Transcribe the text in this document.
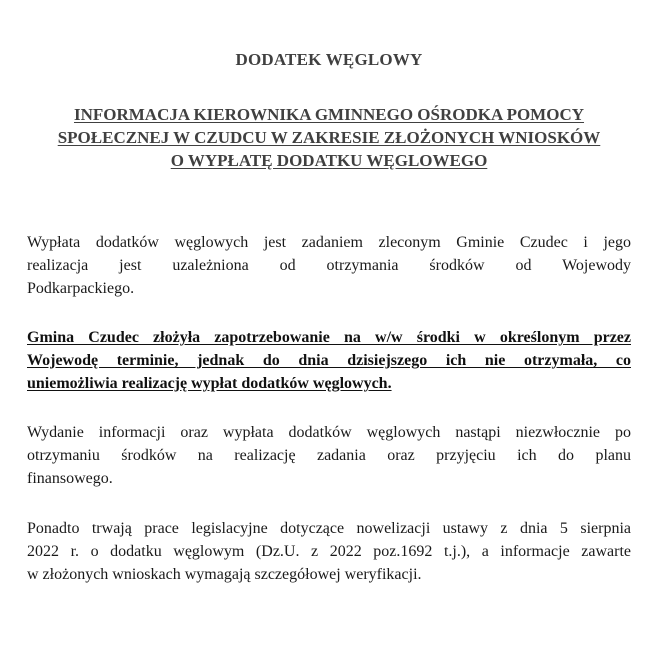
DODATEK WĘGLOWY
INFORMACJA KIEROWNIKA GMINNEGO OŚRODKA POMOCY
SPOŁECZNEJ W CZUDCU W ZAKRESIE ZŁOŻONYCH WNIOSKÓW
O WYPŁATĘ DODATKU WĘGLOWEGO
Wypłata dodatków węglowych jest zadaniem zleconym Gminie Czudec i jego
realizacja jest uzależniona od otrzymania środków od Wojewody
Podkarpackiego.
Gmina Czudec złożyła zapotrzebowanie na w/w środki w określonym przez
Wojewodę terminie, jednak do dnia dzisiejszego ich nie otrzymała, co
uniemożliwia realizację wypłat dodatków węglowych.
Wydanie informacji oraz wypłata dodatków węglowych nastąpi niezwłocznie po
otrzymaniu środków na realizację zadania oraz przyjęciu ich do planu
finansowego.
Ponadto trwają prace legislacyjne dotyczące nowelizacji ustawy z dnia 5 sierpnia
2022 r. o dodatku węglowym (Dz.U. z 2022 poz.1692 t.j.), a informacje zawarte
w złożonych wnioskach wymagają szczegółowej weryfikacji.
